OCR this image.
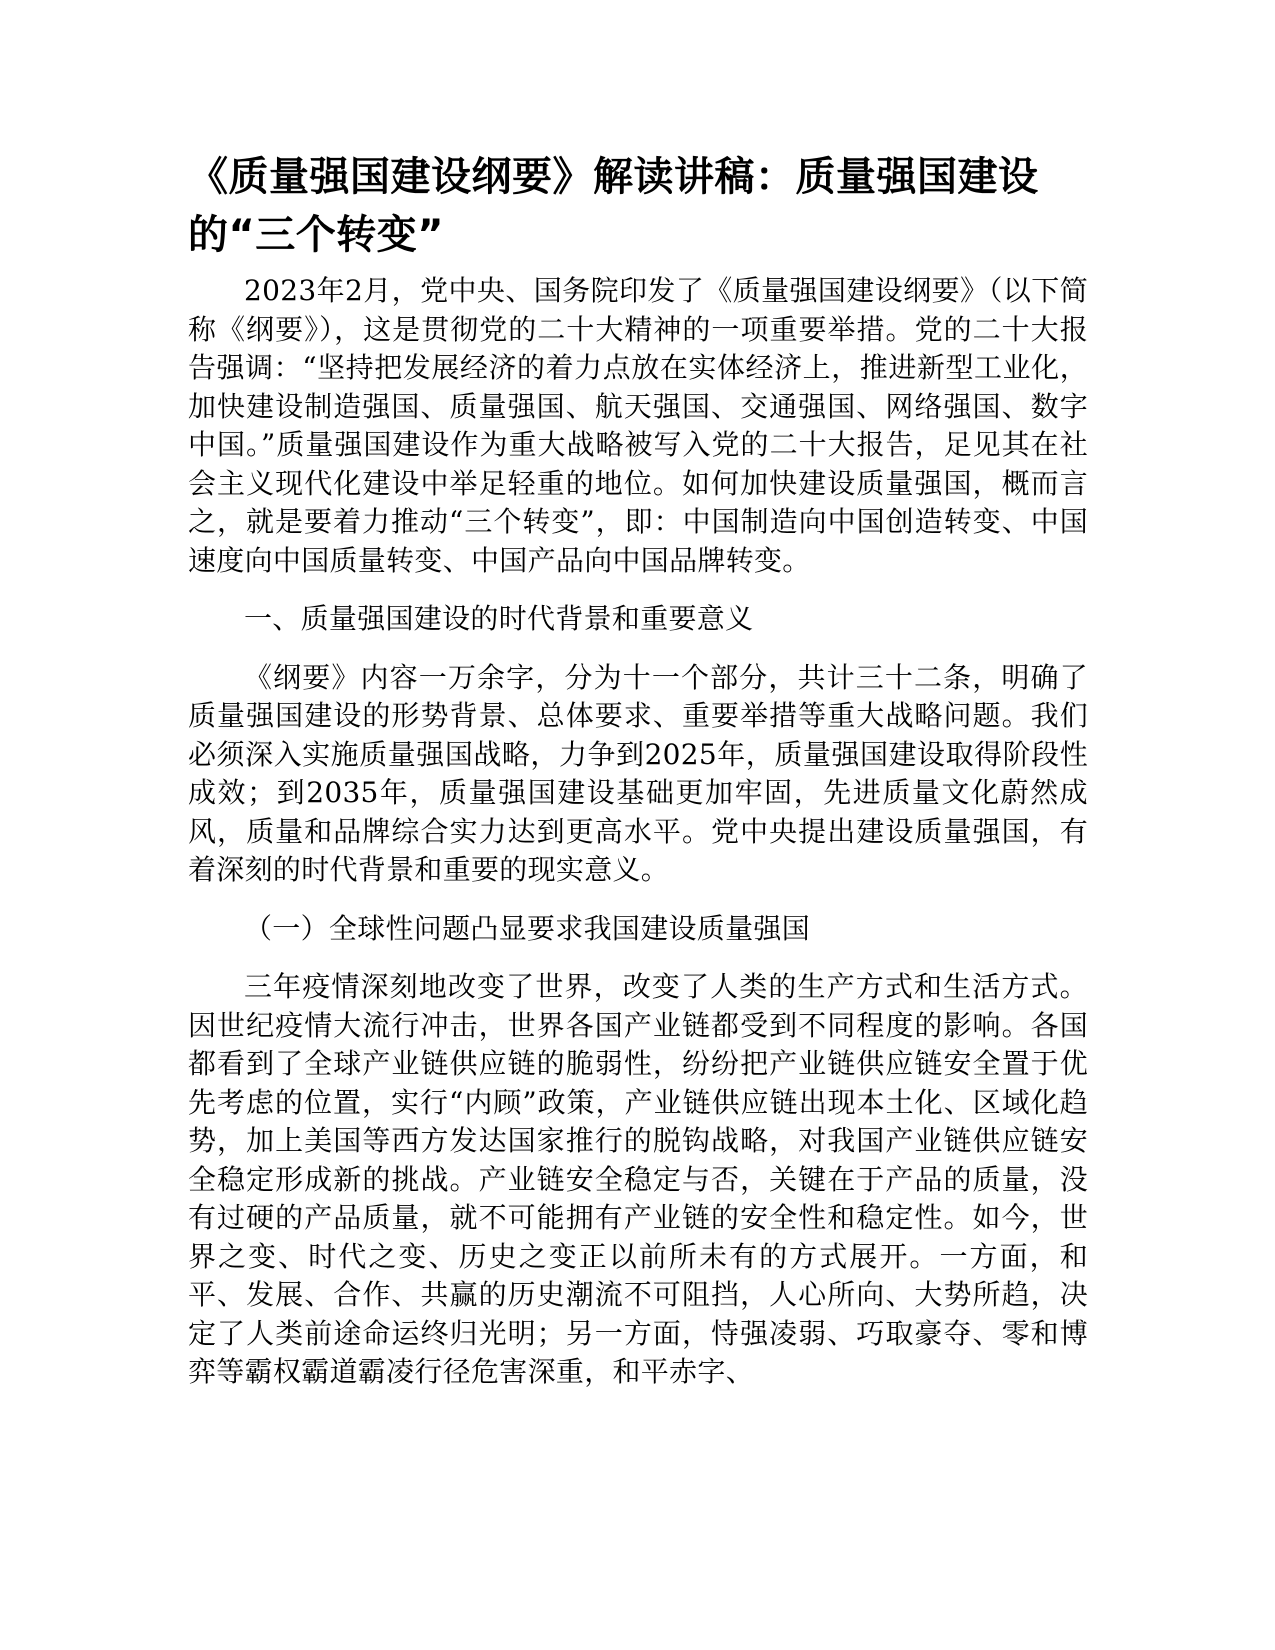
《质量强国建设纲要》解读讲稿：质量强国建设的“三个转变”

2023年2月，党中央、国务院印发了《质量强国建设纲要》（以下简称《纲要》），这是贯彻党的二十大精神的一项重要举措。党的二十大报告强调：“坚持把发展经济的着力点放在实体经济上，推进新型工业化，加快建设制造强国、质量强国、航天强国、交通强国、网络强国、数字中国。”质量强国建设作为重大战略被写入党的二十大报告，足见其在社会主义现代化建设中举足轻重的地位。如何加快建设质量强国，概而言之，就是要着力推动“三个转变”，即：中国制造向中国创造转变、中国速度向中国质量转变、中国产品向中国品牌转变。

一、质量强国建设的时代背景和重要意义

《纲要》内容一万余字，分为十一个部分，共计三十二条，明确了质量强国建设的形势背景、总体要求、重要举措等重大战略问题。我们必须深入实施质量强国战略，力争到2025年，质量强国建设取得阶段性成效；到2035年，质量强国建设基础更加牢固，先进质量文化蔚然成风，质量和品牌综合实力达到更高水平。党中央提出建设质量强国，有着深刻的时代背景和重要的现实意义。

（一）全球性问题凸显要求我国建设质量强国

三年疫情深刻地改变了世界，改变了人类的生产方式和生活方式。因世纪疫情大流行冲击，世界各国产业链都受到不同程度的影响。各国都看到了全球产业链供应链的脆弱性，纷纷把产业链供应链安全置于优先考虑的位置，实行“内顾”政策，产业链供应链出现本土化、区域化趋势，加上美国等西方发达国家推行的脱钩战略，对我国产业链供应链安全稳定形成新的挑战。产业链安全稳定与否，关键在于产品的质量，没有过硬的产品质量，就不可能拥有产业链的安全性和稳定性。如今，世界之变、时代之变、历史之变正以前所未有的方式展开。一方面，和平、发展、合作、共赢的历史潮流不可阻挡，人心所向、大势所趋，决定了人类前途命运终归光明；另一方面，恃强凌弱、巧取豪夺、零和博弈等霸权霸道霸凌行径危害深重，和平赤字、
